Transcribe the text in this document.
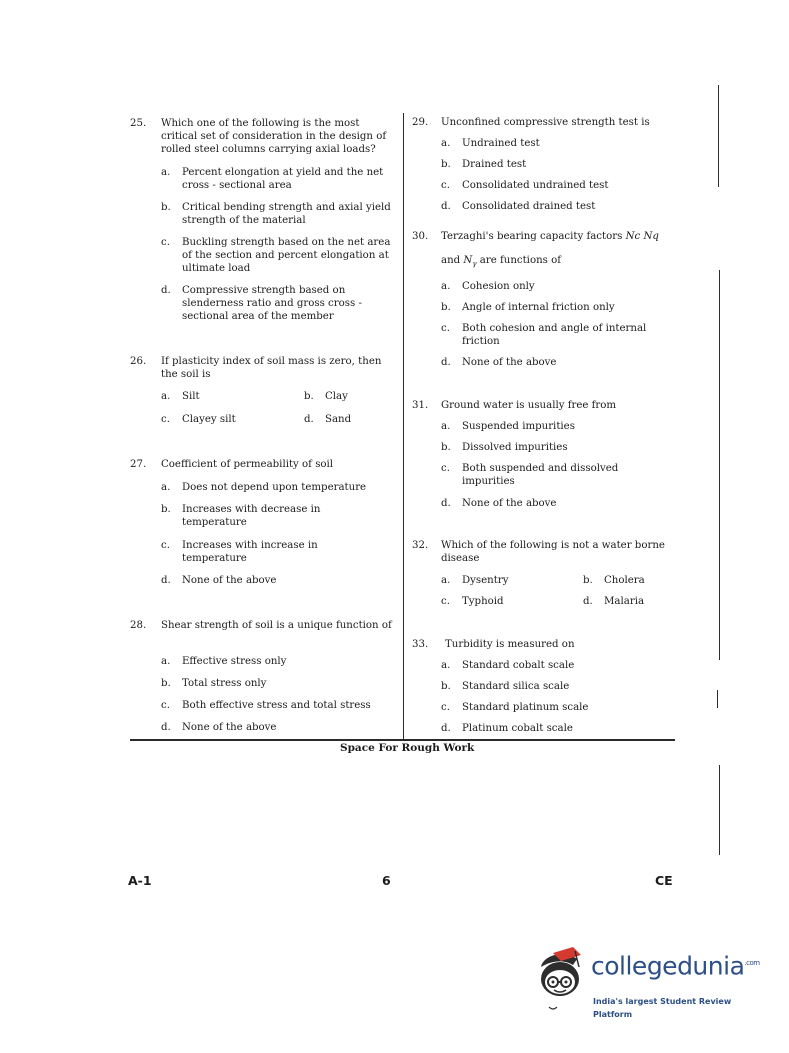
25. Which one of the following is the most critical set of consideration in the design of rolled steel columns carrying axial loads?
a. Percent elongation at yield and the net cross - sectional area
b. Critical bending strength and axial yield strength of the material
c. Buckling strength based on the net area of the section and percent elongation at ultimate load
d. Compressive strength based on slenderness ratio and gross cross - sectional area of the member
26. If plasticity index of soil mass is zero, then the soil is
a. Silt	b. Clay
c. Clayey silt	d. Sand
27. Coefficient of permeability of soil
a. Does not depend upon temperature
b. Increases with decrease in temperature
c. Increases with increase in temperature
d. None of the above
28. Shear strength of soil is a unique function of
a. Effective stress only
b. Total stress only
c. Both effective stress and total stress
d. None of the above
29. Unconfined compressive strength test is
a. Undrained test
b. Drained test
c. Consolidated undrained test
d. Consolidated drained test
30. Terzaghi's bearing capacity factors Nc Nq
and $N_\gamma$ are functions of
a. Cohesion only
b. Angle of internal friction only
c. Both cohesion and angle of internal friction
d. None of the above
31. Ground water is usually free from
a. Suspended impurities
b. Dissolved impurities
c. Both suspended and dissolved impurities
d. None of the above
32. Which of the following is not a water borne disease
a. Dysentry	b. Cholera
c. Typhoid	d. Malaria
33. Turbidity is measured on
a. Standard cobalt scale
b. Standard silica scale
c. Standard platinum scale
d. Platinum cobalt scale
Space For Rough Work
A-1	6	CE
collegedunia$^{.com}$
India's largest Student Review Platform
